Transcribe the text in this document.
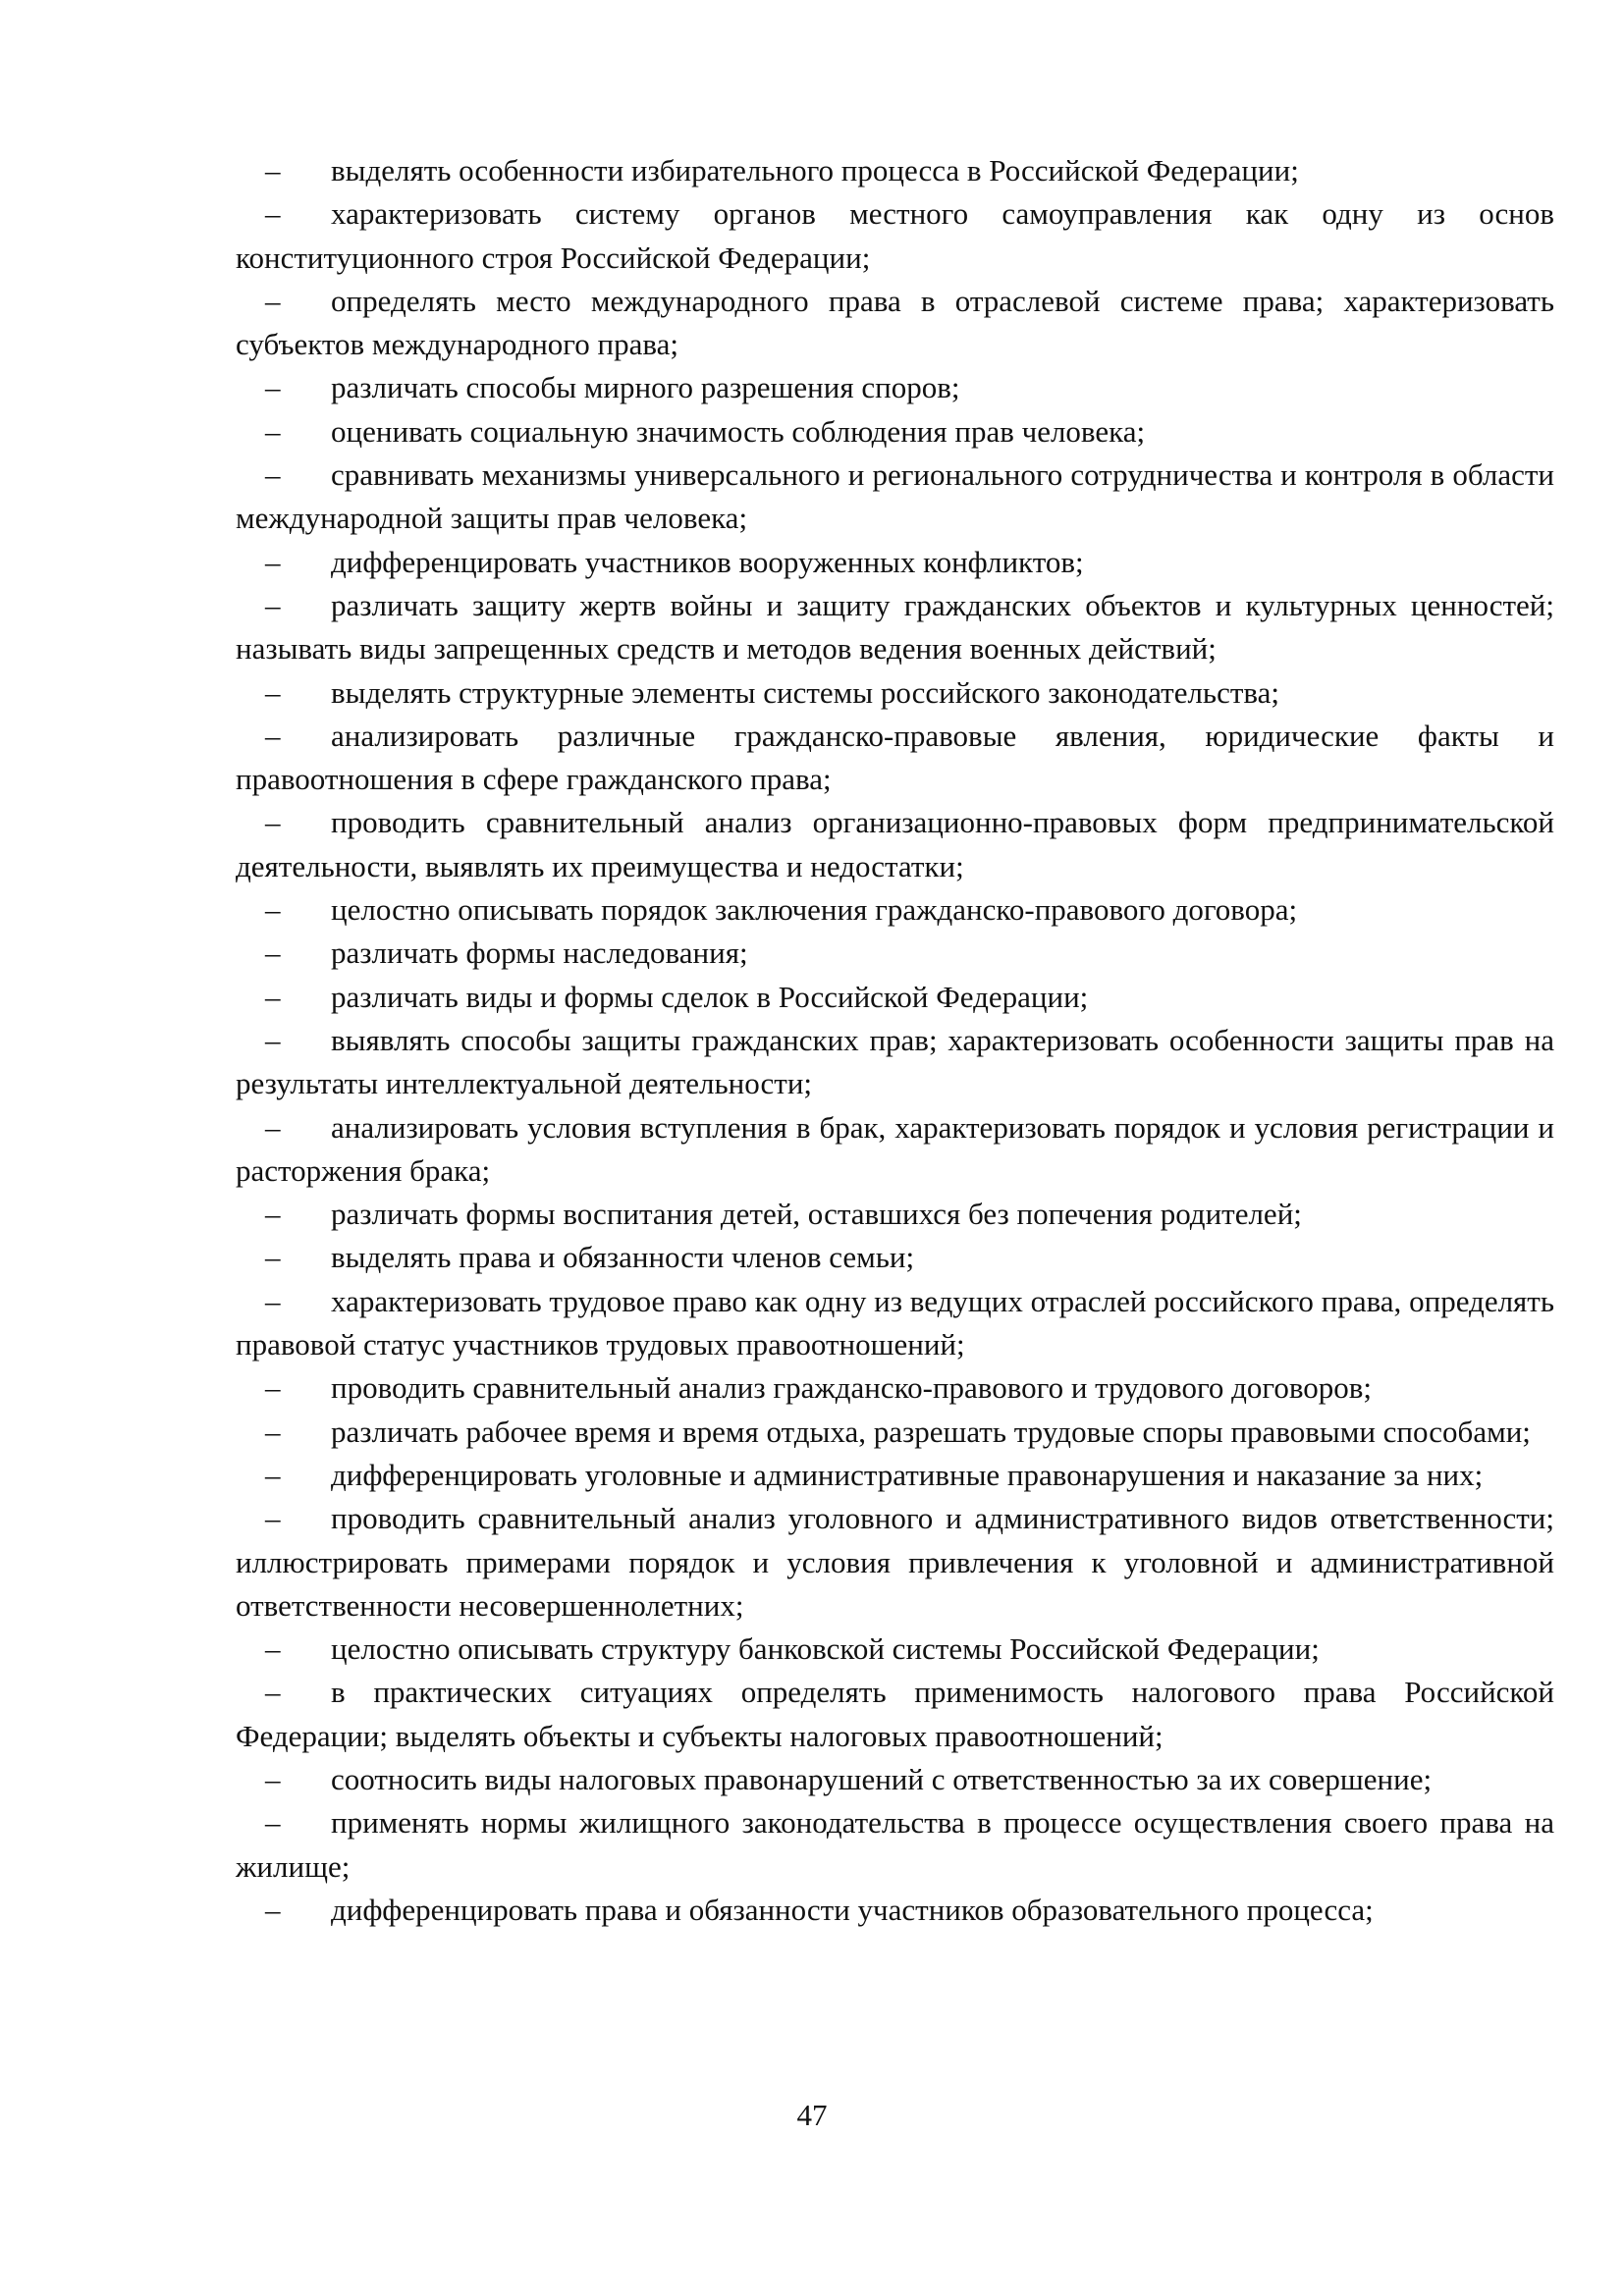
– выделять особенности избирательного процесса в Российской Федерации;

– характеризовать систему органов местного самоуправления как одну из основ конституционного строя Российской Федерации;

– определять место международного права в отраслевой системе права; характеризовать субъектов международного права;

– различать способы мирного разрешения споров;

– оценивать социальную значимость соблюдения прав человека;

– сравнивать механизмы универсального и регионального сотрудничества и контроля в области международной защиты прав человека;

– дифференцировать участников вооруженных конфликтов;

– различать защиту жертв войны и защиту гражданских объектов и культурных ценностей; называть виды запрещенных средств и методов ведения военных действий;

– выделять структурные элементы системы российского законодательства;

– анализировать различные гражданско-правовые явления, юридические факты и правоотношения в сфере гражданского права;

– проводить сравнительный анализ организационно-правовых форм предпринимательской деятельности, выявлять их преимущества и недостатки;

– целостно описывать порядок заключения гражданско-правового договора;

– различать формы наследования;

– различать виды и формы сделок в Российской Федерации;

– выявлять способы защиты гражданских прав; характеризовать особенности защиты прав на результаты интеллектуальной деятельности;

– анализировать условия вступления в брак, характеризовать порядок и условия регистрации и расторжения брака;

– различать формы воспитания детей, оставшихся без попечения родителей;

– выделять права и обязанности членов семьи;

– характеризовать трудовое право как одну из ведущих отраслей российского права, определять правовой статус участников трудовых правоотношений;

– проводить сравнительный анализ гражданско-правового и трудового договоров;

– различать рабочее время и время отдыха, разрешать трудовые споры правовыми способами;

– дифференцировать уголовные и административные правонарушения и наказание за них;

– проводить сравнительный анализ уголовного и административного видов ответственности; иллюстрировать примерами порядок и условия привлечения к уголовной и административной ответственности несовершеннолетних;

– целостно описывать структуру банковской системы Российской Федерации;

– в практических ситуациях определять применимость налогового права Российской Федерации; выделять объекты и субъекты налоговых правоотношений;

– соотносить виды налоговых правонарушений с ответственностью за их совершение;

– применять нормы жилищного законодательства в процессе осуществления своего права на жилище;

– дифференцировать права и обязанности участников образовательного процесса;

47
